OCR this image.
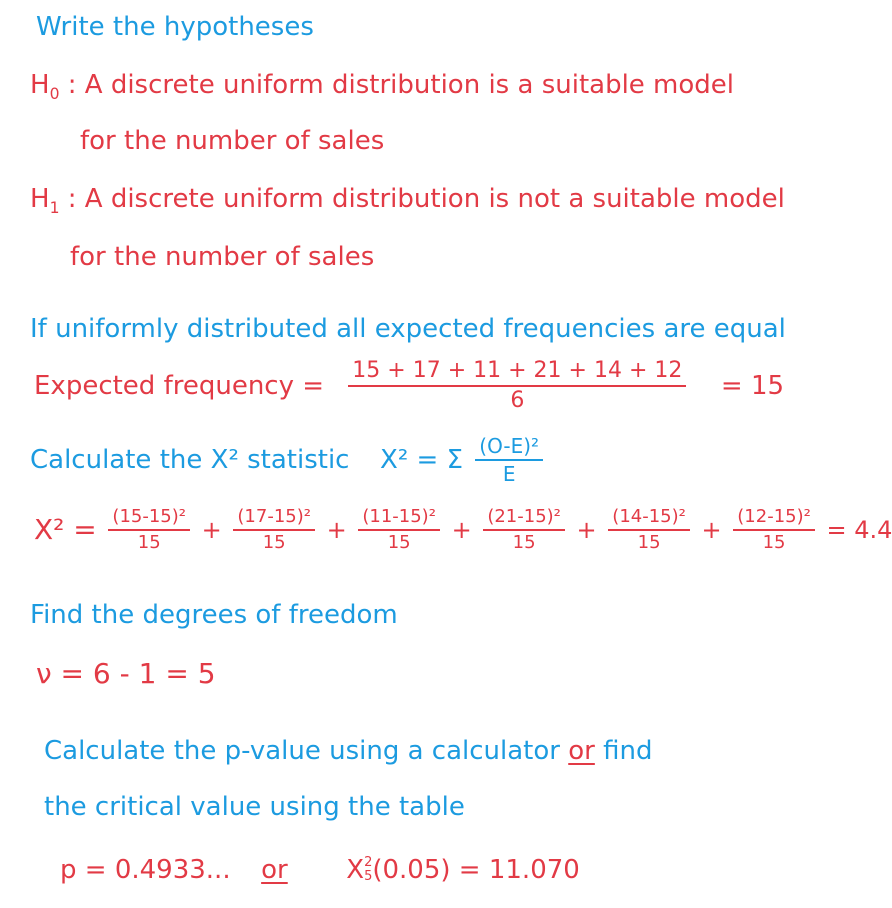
Write the hypotheses
$H_0$ : A discrete uniform distribution is a suitable model
for the number of sales
$H_1$ : A discrete uniform distribution is not a suitable model
for the number of sales
If uniformly distributed all expected frequencies are equal
Expected frequency = $\frac{15 + 17 + 11 + 21 + 14 + 12}{6} = 15$
Calculate the X² statistic X² = Σ $\frac{\text{(O-E)²}}{E}$
$X^2 = \frac{\text{(15-15)²}}{15} + \frac{\text{(17-15)²}}{15} + \frac{\text{(11-15)²}}{15} + \frac{\text{(21-15)²}}{15} + \frac{\text{(14-15)²}}{15} + \frac{\text{(12-15)²}}{15} = 4.4$
Find the degrees of freedom
ν = 6 - 1 = 5
Calculate the p-value using a calculator or find
the critical value using the table
p = 0.4933... or X 2
5 (0.05) = 11.070
